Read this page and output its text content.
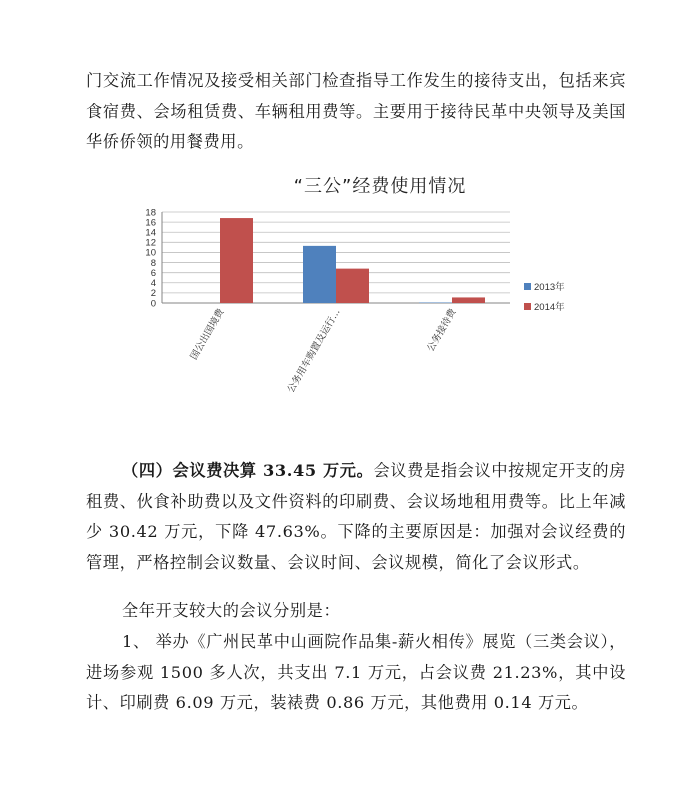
门交流工作情况及接受相关部门检查指导工作发生的接待支出，包括来宾食宿费、会场租赁费、车辆租用费等。主要用于接待民革中央领导及美国华侨侨领的用餐费用。

“三公”经费使用情况
0
2
4
6
8
10
12
14
16
18
国公出国境费	公务用车购置及运行…	公务接待费
2013年
2014年

（四）会议费决算 33.45 万元。会议费是指会议中按规定开支的房租费、伙食补助费以及文件资料的印刷费、会议场地租用费等。比上年减少 30.42 万元，下降 47.63%。下降的主要原因是：加强对会议经费的管理，严格控制会议数量、会议时间、会议规模，简化了会议形式。

全年开支较大的会议分别是：

1、 举办《广州民革中山画院作品集-薪火相传》展览（三类会议），进场参观 1500 多人次，共支出 7.1 万元，占会议费 21.23%，其中设计、印刷费 6.09 万元，装裱费 0.86 万元，其他费用 0.14 万元。
